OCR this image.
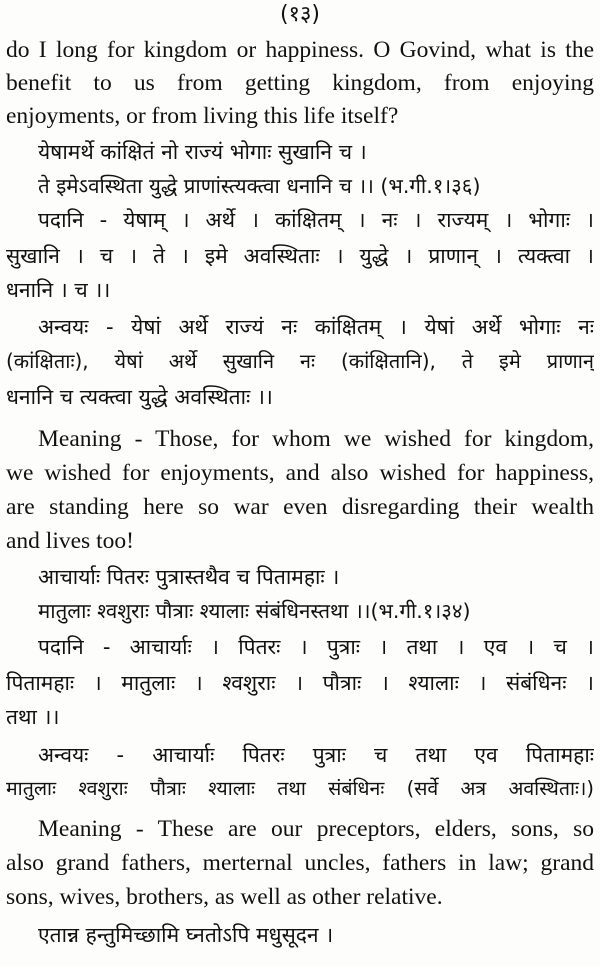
(१३)
do I long for kingdom or happiness. O Govind, what is the
benefit to us from getting kingdom, from enjoying
enjoyments, or from living this life itself?
येषामर्थे कांक्षितं नो राज्यं भोगाः सुखानि च ।
ते इमेऽवस्थिता युद्धे प्राणांस्त्यक्त्वा धनानि च ।। (भ.गी.१।३६)
पदानि - येषाम् । अर्थे । कांक्षितम् । नः । राज्यम् । भोगाः ।
सुखानि । च । ते । इमे अवस्थिताः । युद्धे । प्राणान् । त्यक्त्वा ।
धनानि । च ।।
अन्वयः - येषां अर्थे राज्यं नः कांक्षितम् । येषां अर्थे भोगाः नः
(कांक्षिताः), येषां अर्थे सुखानि नः (कांक्षितानि), ते इमे प्राणान्
धनानि च त्यक्त्वा युद्धे अवस्थिताः ।।
Meaning - Those, for whom we wished for kingdom,
we wished for enjoyments, and also wished for happiness,
are standing here so war even disregarding their wealth
and lives too!
आचार्याः पितरः पुत्रास्तथैव च पितामहाः ।
मातुलाः श्वशुराः पौत्राः श्यालाः संबंधिनस्तथा ।।(भ.गी.१।३४)
पदानि - आचार्याः । पितरः । पुत्राः । तथा । एव । च ।
पितामहाः । मातुलाः । श्वशुराः । पौत्राः । श्यालाः । संबंधिनः ।
तथा ।।
अन्वयः - आचार्याः पितरः पुत्राः च तथा एव पितामहाः
मातुलाः श्वशुराः पौत्राः श्यालाः तथा संबंधिनः (सर्वे अत्र अवस्थिताः।)
Meaning - These are our preceptors, elders, sons, so
also grand fathers, merternal uncles, fathers in law; grand
sons, wives, brothers, as well as other relative.
एतान्न हन्तुमिच्छामि घ्नतोऽपि मधुसूदन ।
